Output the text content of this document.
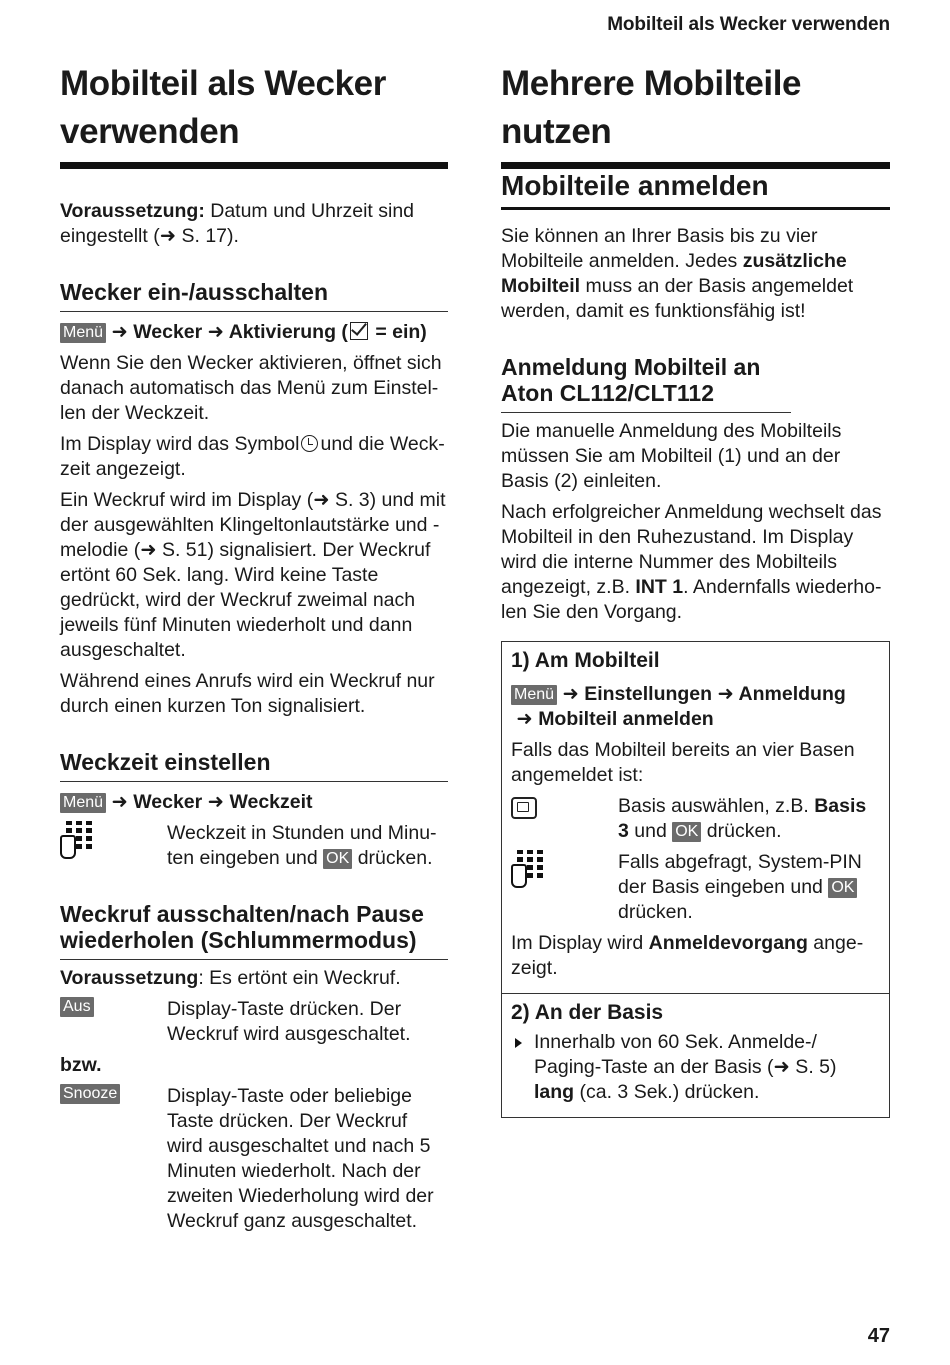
Mobilteil als Wecker verwenden
Mobilteil als Wecker verwenden

Voraussetzung: Datum und Uhrzeit sind eingestellt (➜ S. 17).

Wecker ein-/ausschalten
Menü ➜ Wecker ➜ Aktivierung ( = ein)

Wenn Sie den Wecker aktivieren, öffnet sich danach automatisch das Menü zum Einstel-len der Weckzeit.

Im Display wird das Symbol und die Weck-zeit angezeigt.

Ein Weckruf wird im Display (➜ S. 3) und mit der ausgewählten Klingeltonlautstärke und -melodie (➜ S. 51) signalisiert. Der Weckruf ertönt 60 Sek. lang. Wird keine Taste gedrückt, wird der Weckruf zweimal nach jeweils fünf Minuten wiederholt und dann ausgeschaltet.

Während eines Anrufs wird ein Weckruf nur durch einen kurzen Ton signalisiert.

Weckzeit einstellen
Menü ➜ Wecker ➜ Weckzeit
Weckzeit in Stunden und Minu-ten eingeben und OK drücken.
Weckruf ausschalten/nach Pause wiederholen (Schlummermodus)

Voraussetzung: Es ertönt ein Weckruf.

Aus	Display-Taste drücken. Der Weckruf wird ausgeschaltet.

bzw.

Snooze	Display-Taste oder beliebige Taste drücken. Der Weckruf wird ausgeschaltet und nach 5 Minuten wiederholt. Nach der zweiten Wiederholung wird der Weckruf ganz ausgeschaltet.
Mehrere Mobilteile nutzen
Mobilteile anmelden

Sie können an Ihrer Basis bis zu vier Mobilteile anmelden. Jedes zusätzliche Mobilteil muss an der Basis angemeldet werden, damit es funktionsfähig ist!

Anmeldung Mobilteil an Aton CL112/CLT112

Die manuelle Anmeldung des Mobilteils müssen Sie am Mobilteil (1) und an der Basis (2) einleiten.

Nach erfolgreicher Anmeldung wechselt das Mobilteil in den Ruhezustand. Im Display wird die interne Nummer des Mobilteils angezeigt, z.B. INT 1. Andernfalls wiederho-len Sie den Vorgang.

1) Am Mobilteil
Menü ➜ Einstellungen ➜ Anmeldung
➜ Mobilteil anmelden

Falls das Mobilteil bereits an vier Basen angemeldet ist:

Basis auswählen, z.B. Basis 3 und OK drücken.
Falls abgefragt, System-PIN der Basis eingeben und OK drücken.

Im Display wird Anmeldevorgang ange-zeigt.

2) An der Basis

Innerhalb von 60 Sek. Anmelde-/ Paging-Taste an der Basis (➜ S. 5) lang (ca. 3 Sek.) drücken.

47
